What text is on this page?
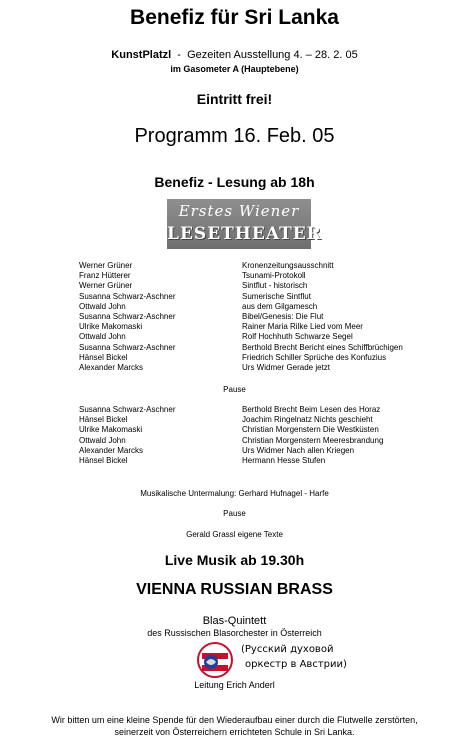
Benefiz für Sri Lanka
KunstPlatzl  -  Gezeiten Ausstellung 4. – 28. 2. 05
im Gasometer A (Hauptebene)
Eintritt frei!
Programm 16. Feb. 05
Benefiz - Lesung ab 18h
Erstes Wiener
LESETHEATER
Werner Grüner	Kronenzeitungsausschnitt
Franz Hütterer	Tsunami-Protokoll
Werner Grüner	Sintflut - historisch
Susanna Schwarz-Aschner	Sumerische Sintflut
Ottwald John	aus dem Gilgamesch
Susanna Schwarz-Aschner	Bibel/Genesis: Die Flut
Ulrike Makomaski	Rainer Maria Rilke Lied vom Meer
Ottwald John	Rolf Hochhuth Schwarze Segel
Susanna Schwarz-Aschner	Berthold Brecht Bericht eines Schiffbrüchigen
Hänsel Bickel	Friedrich Schiller Sprüche des Konfuzius
Alexander Marcks	Urs Widmer Gerade jetzt
Pause
Susanna Schwarz-Aschner	Berthold Brecht Beim Lesen des Horaz
Hänsel Bickel	Joachim Ringelnatz Nichts geschieht
Ulrike Makomaski	Christian Morgenstern Die Westküsten
Ottwald John	Christian Morgenstern Meeresbrandung
Alexander Marcks	Urs Widmer Nach allen Kriegen
Hänsel Bickel	Hermann Hesse Stufen
Musikalische Untermalung: Gerhard Hufnagel - Harfe
Pause
Gerald Grassl eigene Texte
Live Musik ab 19.30h
VIENNA RUSSIAN BRASS
Blas-Quintett
des Russischen Blasorchester in Österreich
(Русский духовой
оркестр в Австрии)
Leitung Erich Anderl
Wir bitten um eine kleine Spende für den Wiederaufbau einer durch die Flutwelle zerstörten,
seinerzeit von Österreichern errichteten Schule in Sri Lanka.
